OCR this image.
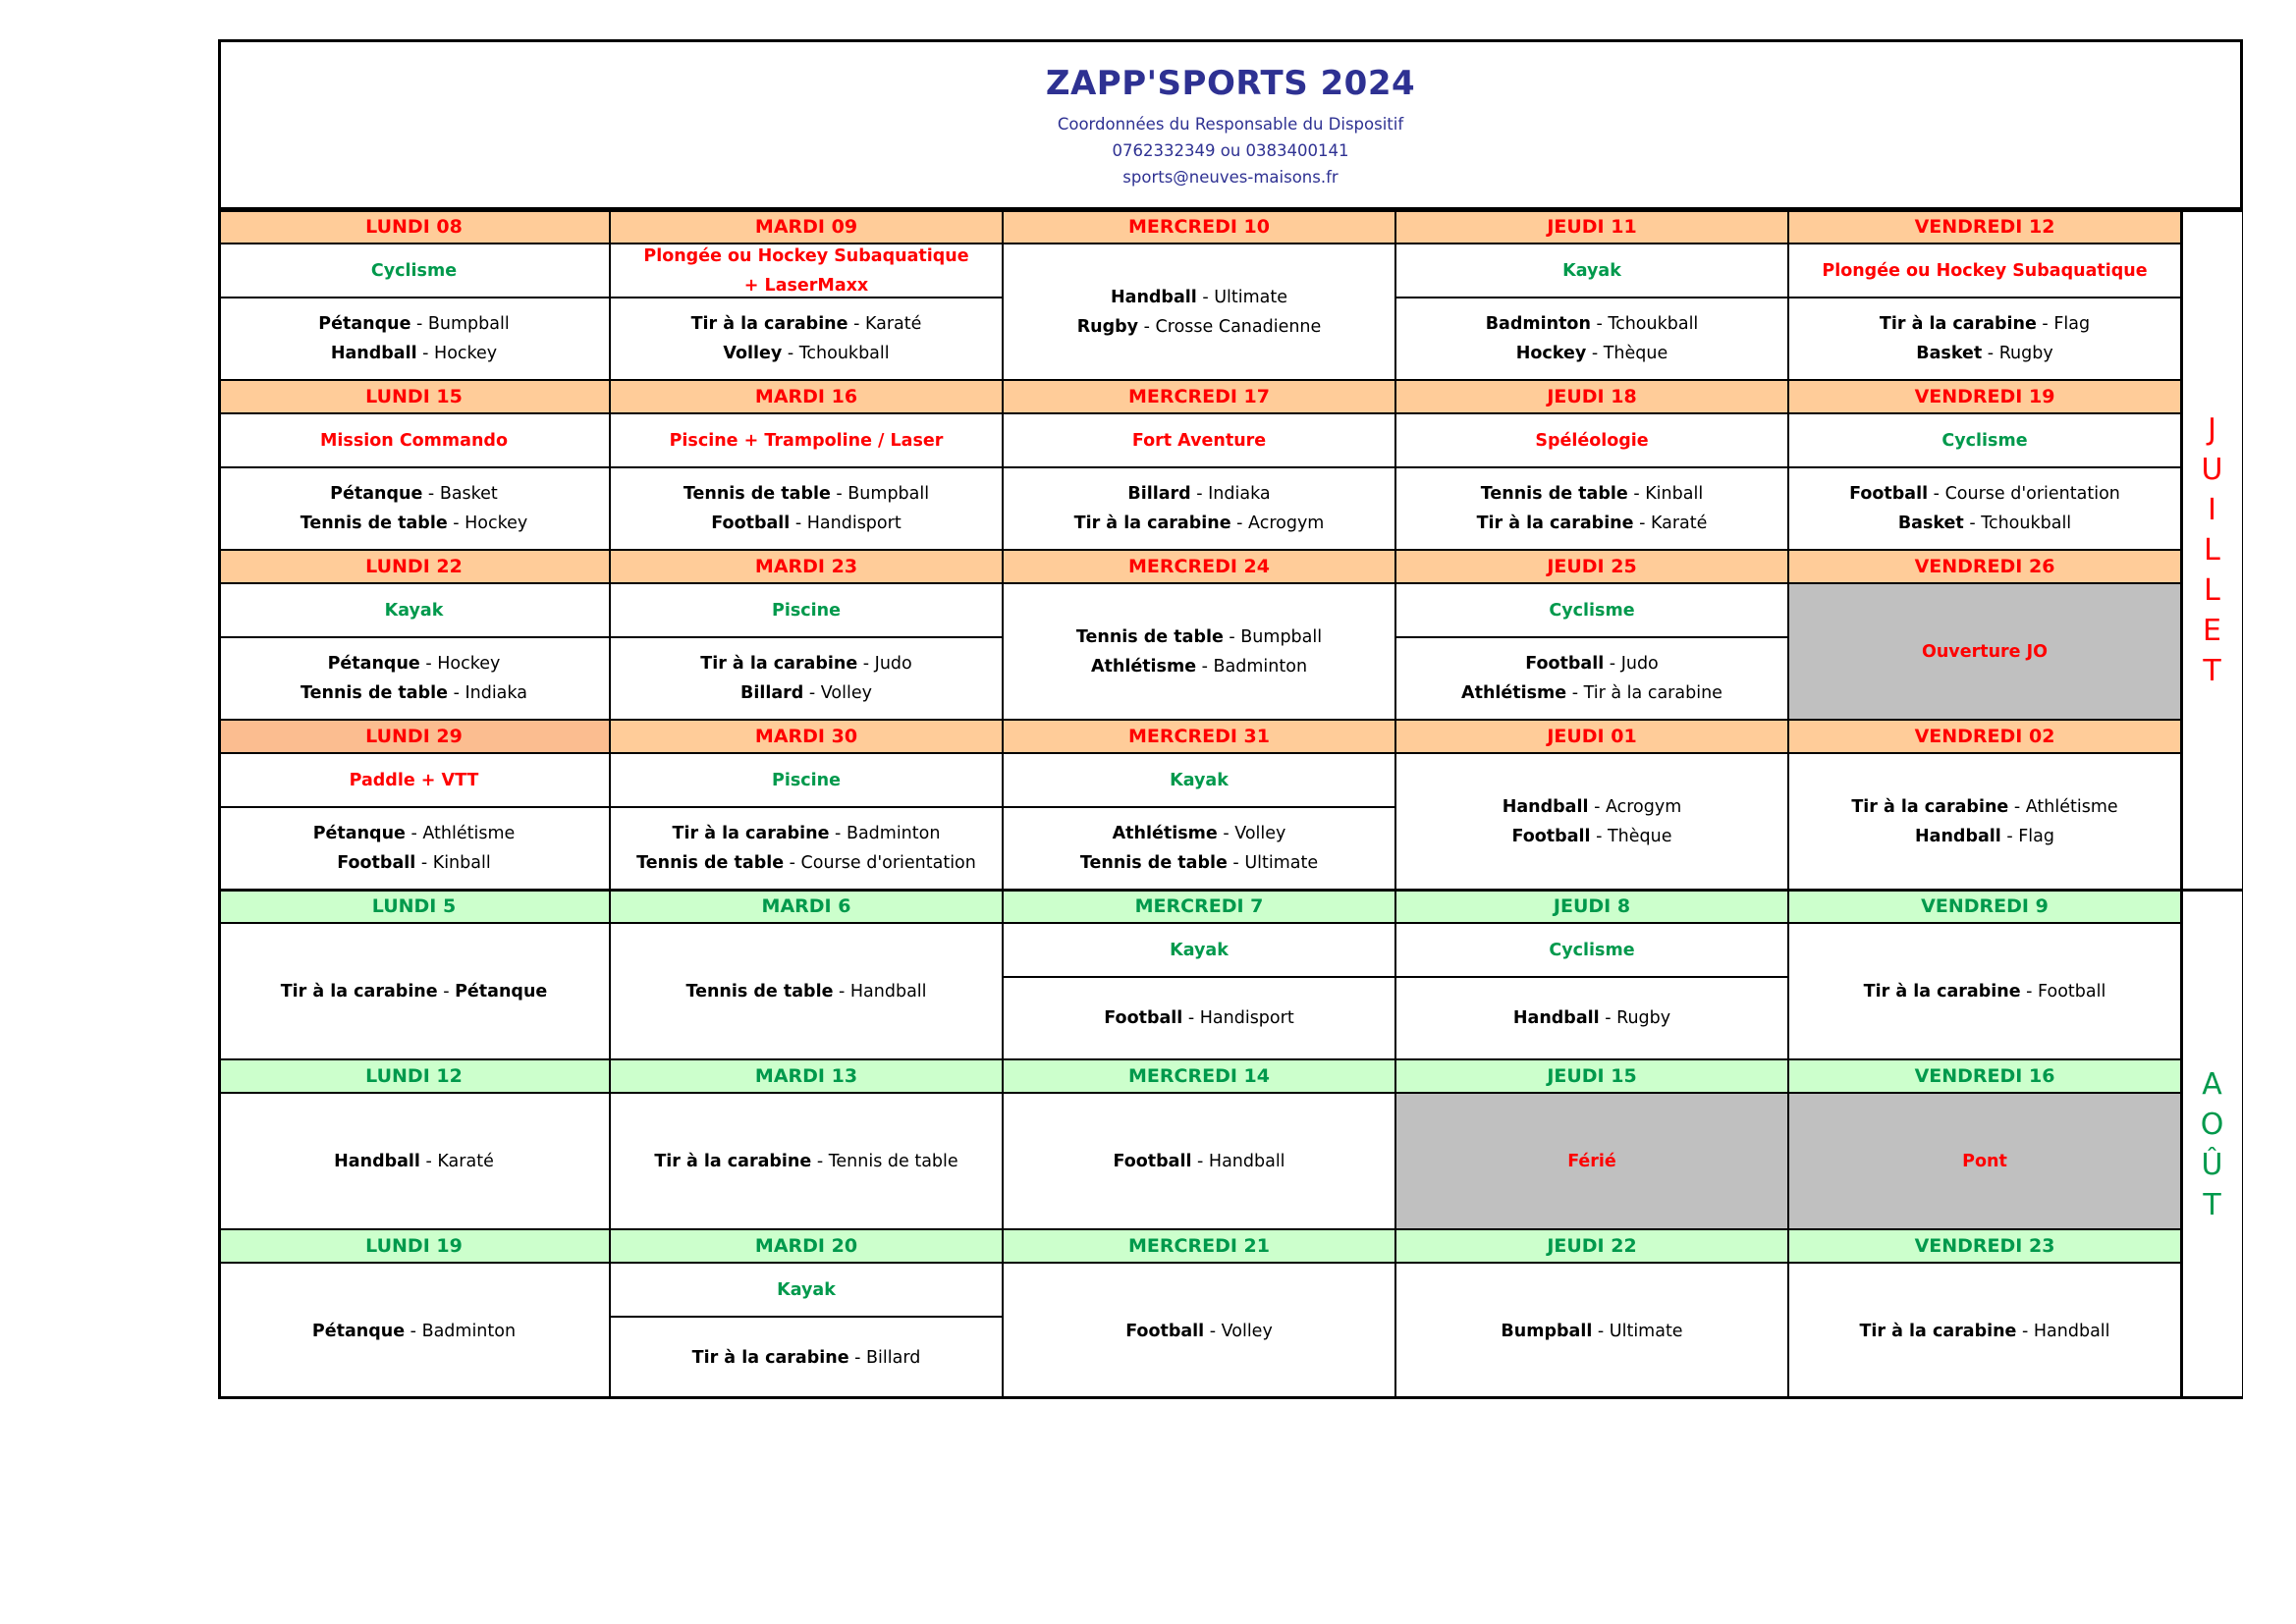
ZAPP'SPORTS 2024
Coordonnées du Responsable du Dispositif
0762332349 ou 0383400141
sports@neuves-maisons.fr
LUNDI 08
Cyclisme
Pétanque - Bumpball
Handball - Hockey
MARDI 09
Plongée ou Hockey Subaquatique
+ LaserMaxx
Tir à la carabine - Karaté
Volley - Tchoukball
MERCREDI 10
Handball - Ultimate
Rugby - Crosse Canadienne
JEUDI 11
Kayak
Badminton - Tchoukball
Hockey - Thèque
VENDREDI 12
Plongée ou Hockey Subaquatique
Tir à la carabine - Flag
Basket - Rugby
LUNDI 15
Mission Commando
Pétanque - Basket
Tennis de table - Hockey
MARDI 16
Piscine + Trampoline / Laser
Tennis de table - Bumpball
Football - Handisport
MERCREDI 17
Fort Aventure
Billard - Indiaka
Tir à la carabine - Acrogym
JEUDI 18
Spéléologie
Tennis de table - Kinball
Tir à la carabine - Karaté
VENDREDI 19
Cyclisme
Football - Course d'orientation
Basket - Tchoukball
LUNDI 22
Kayak
Pétanque - Hockey
Tennis de table - Indiaka
MARDI 23
Piscine
Tir à la carabine - Judo
Billard - Volley
MERCREDI 24
Tennis de table - Bumpball
Athlétisme - Badminton
JEUDI 25
Cyclisme
Football - Judo
Athlétisme - Tir à la carabine
VENDREDI 26
Ouverture JO
LUNDI 29
Paddle + VTT
Pétanque - Athlétisme
Football - Kinball
MARDI 30
Piscine
Tir à la carabine - Badminton
Tennis de table - Course d'orientation
MERCREDI 31
Kayak
Athlétisme - Volley
Tennis de table - Ultimate
JEUDI 01
Handball - Acrogym
Football - Thèque
VENDREDI 02
Tir à la carabine - Athlétisme
Handball - Flag
LUNDI 5
Tir à la carabine - Pétanque
MARDI 6
Tennis de table - Handball
MERCREDI 7
Kayak
Football - Handisport
JEUDI 8
Cyclisme
Handball - Rugby
VENDREDI 9
Tir à la carabine - Football
LUNDI 12
Handball - Karaté
MARDI 13
Tir à la carabine - Tennis de table
MERCREDI 14
Football - Handball
JEUDI 15
Férié
VENDREDI 16
Pont
LUNDI 19
Pétanque - Badminton
MARDI 20
Kayak
Tir à la carabine - Billard
MERCREDI 21
Football - Volley
JEUDI 22
Bumpball - Ultimate
VENDREDI 23
Tir à la carabine - Handball
J
U
I
L
L
E
T
A
O
Û
T
